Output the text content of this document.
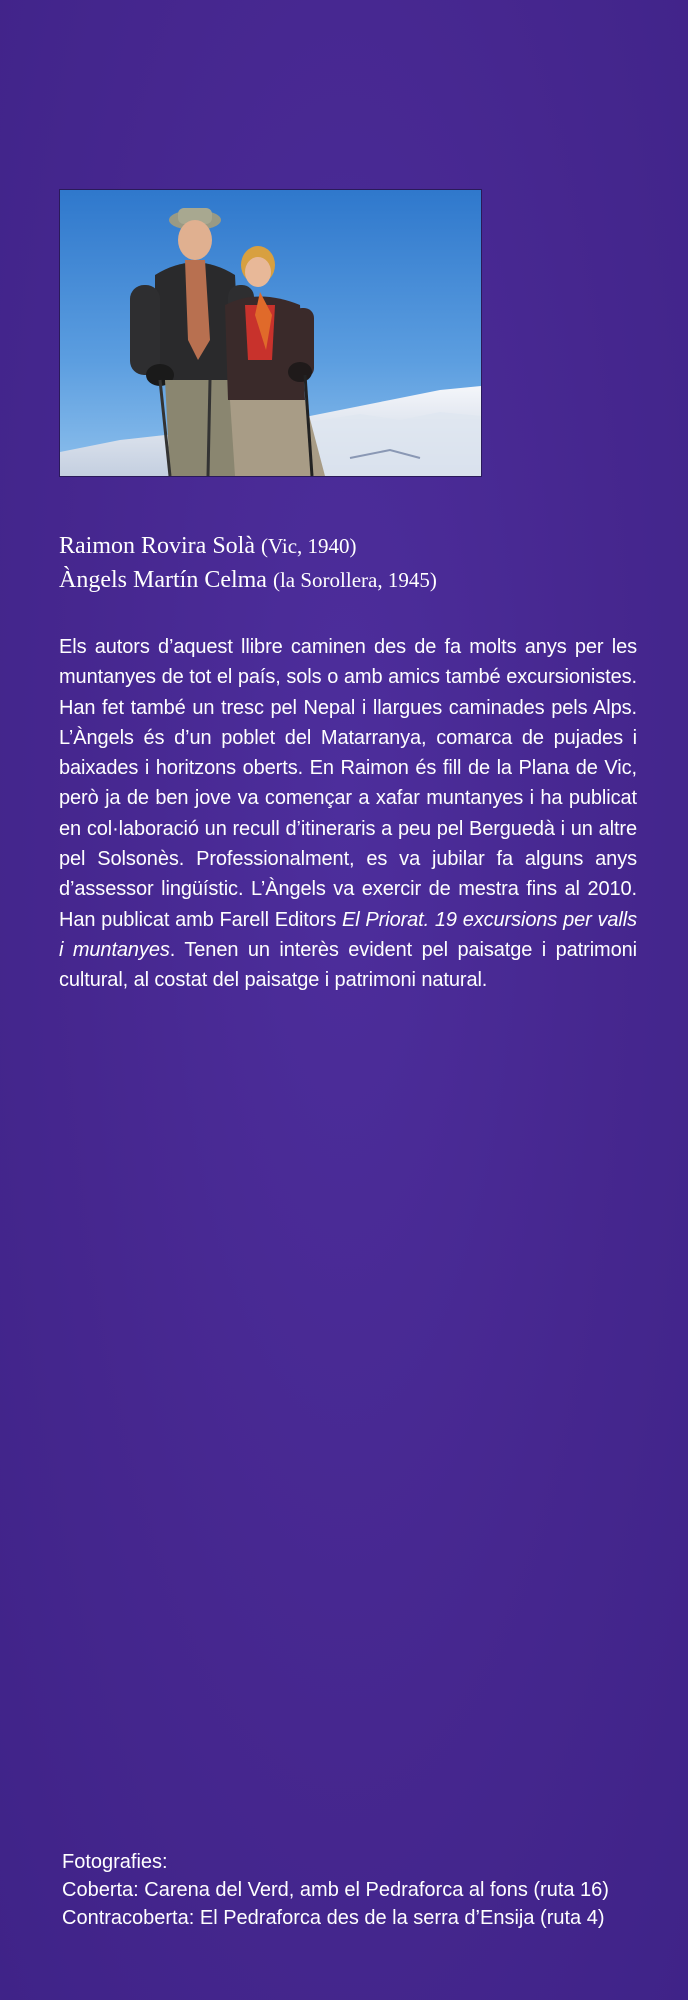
Raimon Rovira Solà (Vic, 1940)
Àngels Martín Celma (la Sorollera, 1945)
Els autors d’aquest llibre caminen des de fa molts anys per les muntanyes de tot el país, sols o amb amics també excursionistes. Han fet també un tresc pel Nepal i llargues caminades pels Alps. L’Àngels és d’un poblet del Matarranya, comarca de pujades i baixades i horitzons oberts. En Raimon és fill de la Plana de Vic, però ja de ben jove va començar a xafar muntanyes i ha publicat en col·laboració un recull d’itineraris a peu pel Berguedà i un altre pel Solsonès. Professionalment, es va jubilar fa alguns anys d’assessor lingüístic. L’Àngels va exercir de mestra fins al 2010. Han publicat amb Farell Editors El Priorat. 19 excursions per valls i muntanyes. Tenen un interès evident pel paisatge i patrimoni cultural, al costat del paisatge i patrimoni natural.
Fotografies:
Coberta: Carena del Verd, amb el Pedraforca al fons (ruta 16)
Contracoberta: El Pedraforca des de la serra d’Ensija (ruta 4)
